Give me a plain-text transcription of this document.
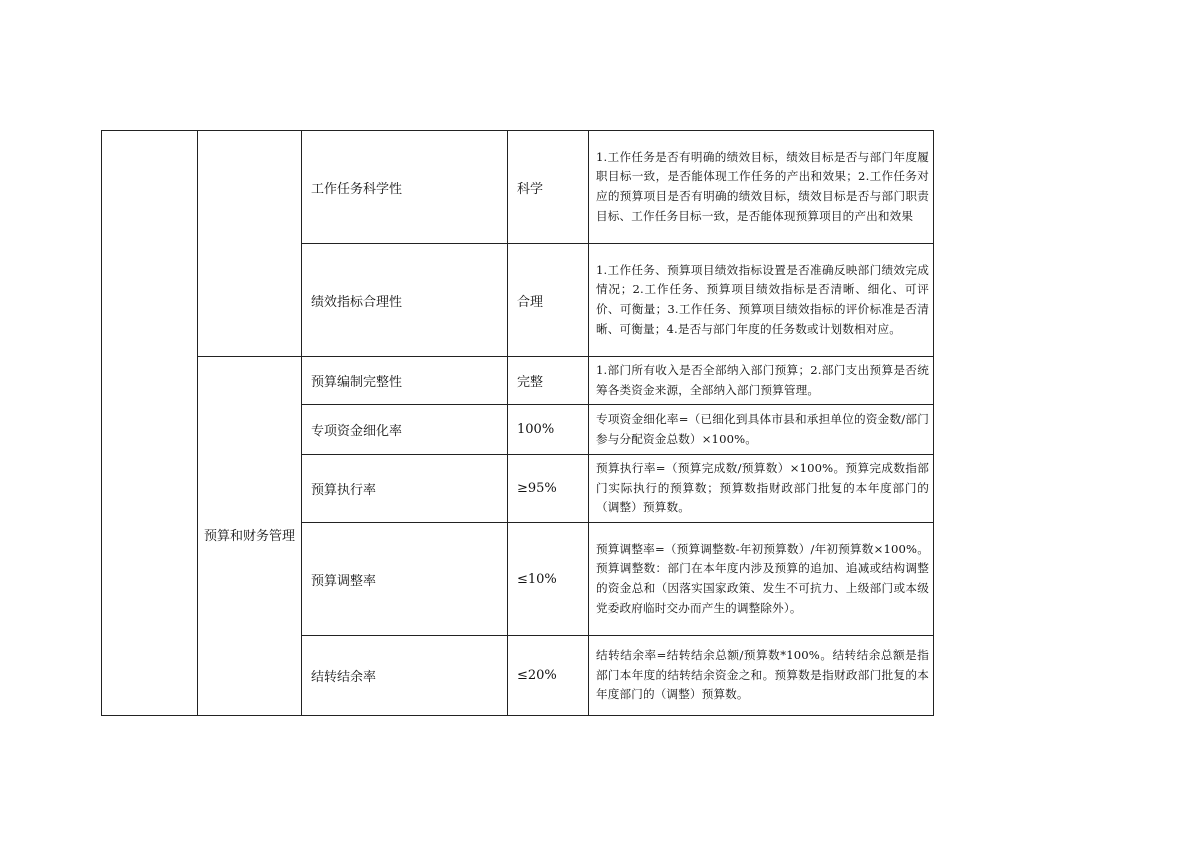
		工作任务科学性	科学	1.工作任务是否有明确的绩效目标，绩效目标是否与部门年度履职目标一致，是否能体现工作任务的产出和效果；2.工作任务对应的预算项目是否有明确的绩效目标，绩效目标是否与部门职责目标、工作任务目标一致，是否能体现预算项目的产出和效果
		绩效指标合理性	合理	1.工作任务、预算项目绩效指标设置是否准确反映部门绩效完成情况；2.工作任务、预算项目绩效指标是否清晰、细化、可评价、可衡量；3.工作任务、预算项目绩效指标的评价标准是否清晰、可衡量；4.是否与部门年度的任务数或计划数相对应。
	预算和财务管理	预算编制完整性	完整	1.部门所有收入是否全部纳入部门预算；2.部门支出预算是否统筹各类资金来源，全部纳入部门预算管理。
		专项资金细化率	100%	专项资金细化率=（已细化到具体市县和承担单位的资金数/部门参与分配资金总数）×100%。
		预算执行率	≥95%	预算执行率=（预算完成数/预算数）×100%。预算完成数指部门实际执行的预算数；预算数指财政部门批复的本年度部门的（调整）预算数。
		预算调整率	≤10%	预算调整率=（预算调整数-年初预算数）/年初预算数×100%。预算调整数：部门在本年度内涉及预算的追加、追减或结构调整的资金总和（因落实国家政策、发生不可抗力、上级部门或本级党委政府临时交办而产生的调整除外）。
		结转结余率	≤20%	结转结余率=结转结余总额/预算数*100%。结转结余总额是指部门本年度的结转结余资金之和。预算数是指财政部门批复的本年度部门的（调整）预算数。
